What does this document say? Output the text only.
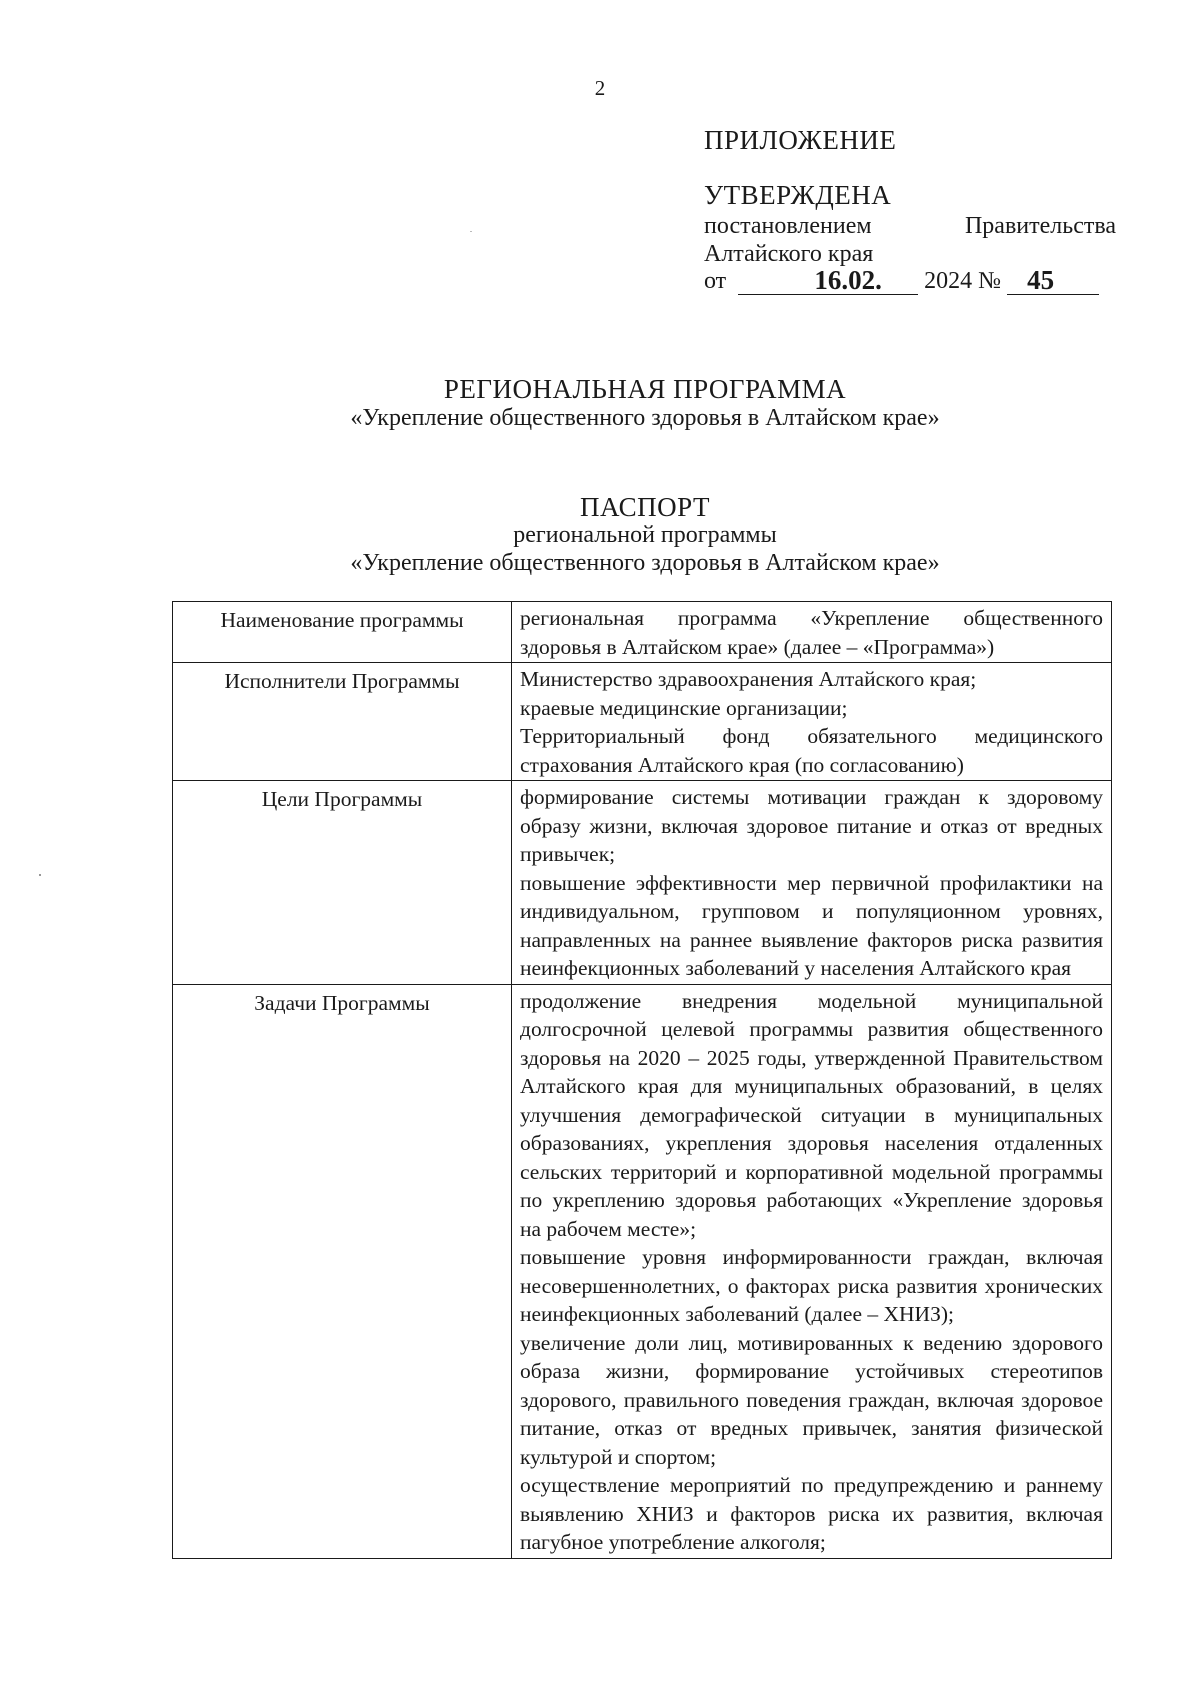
2
ПРИЛОЖЕНИЕ
УТВЕРЖДЕНА
постановлением	Правительства
Алтайского края
от	16.02.	2024 № 45
РЕГИОНАЛЬНАЯ ПРОГРАММА
«Укрепление общественного здоровья в Алтайском крае»
ПАСПОРТ
региональной программы
«Укрепление общественного здоровья в Алтайском крае»
Наименование программы	региональная программа «Укрепление общественного здоровья в Алтайском крае» (далее – «Программа»)

Исполнители Программы	Министерство здравоохранения Алтайского края;
краевые медицинские организации;
Территориальный фонд обязательного медицинского страхования Алтайского края (по согласованию)

Цели Программы	формирование системы мотивации граждан к здоровому образу жизни, включая здоровое питание и отказ от вредных привычек;
повышение эффективности мер первичной профилактики на индивидуальном, групповом и популяционном уровнях, направленных на раннее выявление факторов риска развития неинфекционных заболеваний у населения Алтайского края

Задачи Программы	продолжение внедрения модельной муниципальной долгосрочной целевой программы развития общественного здоровья на 2020 – 2025 годы, утвержденной Правительством Алтайского края для муниципальных образований, в целях улучшения демографической ситуации в муниципальных образованиях, укрепления здоровья населения отдаленных сельских территорий и корпоративной модельной программы по укреплению здоровья работающих «Укрепление здоровья на рабочем месте»;
повышение уровня информированности граждан, включая несовершеннолетних, о факторах риска развития хронических неинфекционных заболеваний (далее – ХНИЗ);
увеличение доли лиц, мотивированных к ведению здорового образа жизни, формирование устойчивых стереотипов здорового, правильного поведения граждан, включая здоровое питание, отказ от вредных привычек, занятия физической культурой и спортом;
осуществление мероприятий по предупреждению и раннему выявлению ХНИЗ и факторов риска их развития, включая пагубное употребление алкоголя;
